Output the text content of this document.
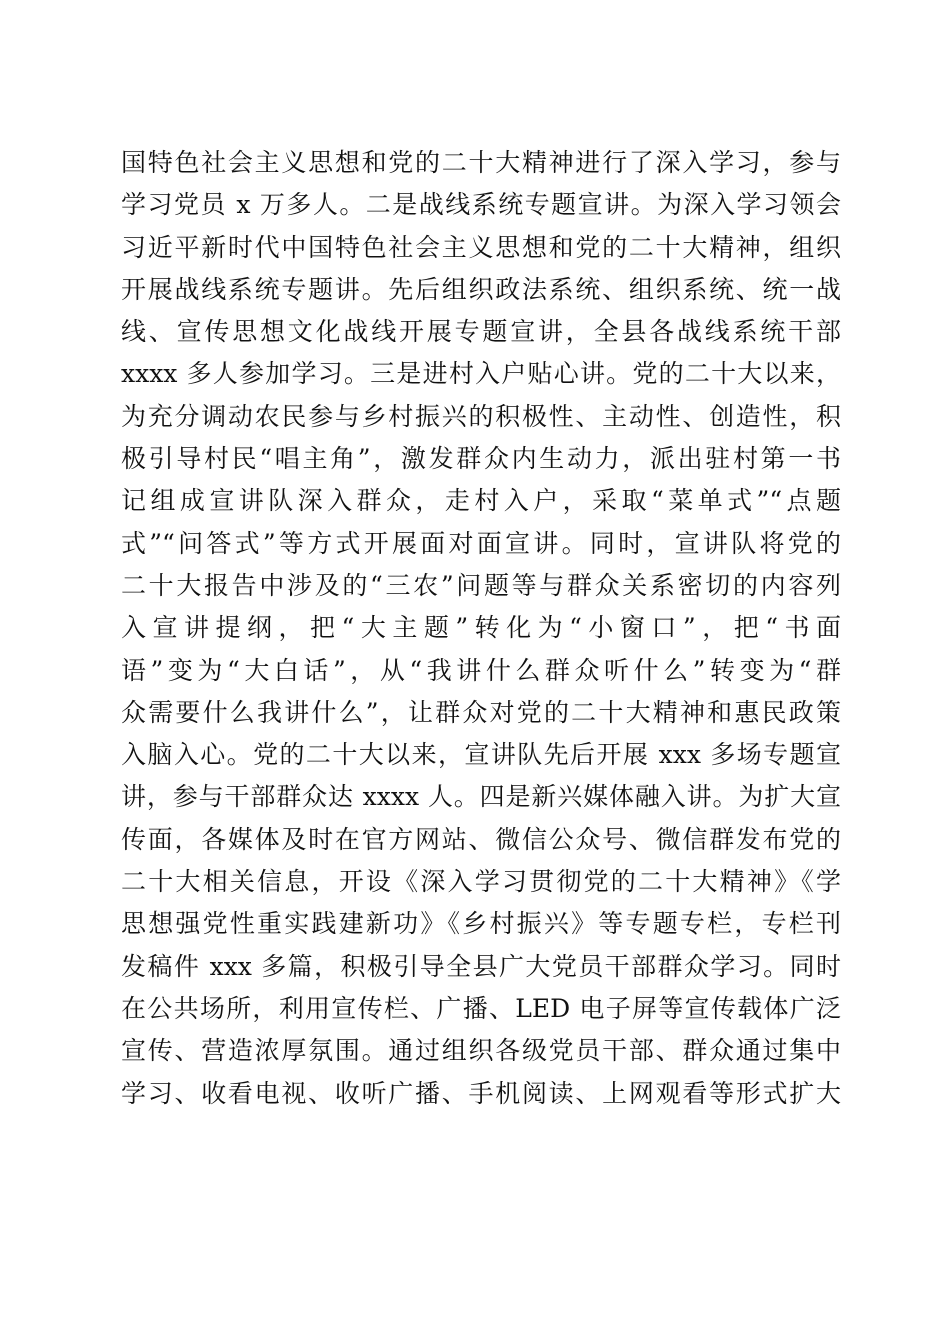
国特色社会主义思想和党的二十大精神进行了深入学习，参与
学习党员 x 万多人。二是战线系统专题宣讲。为深入学习领会
习近平新时代中国特色社会主义思想和党的二十大精神，组织
开展战线系统专题讲。先后组织政法系统、组织系统、统一战
线、宣传思想文化战线开展专题宣讲，全县各战线系统干部
xxxx 多人参加学习。三是进村入户贴心讲。党的二十大以来，
为充分调动农民参与乡村振兴的积极性、主动性、创造性，积
极引导村民“唱主角”，激发群众内生动力，派出驻村第一书
记组成宣讲队深入群众，走村入户，采取“菜单式”“点题
式”“问答式”等方式开展面对面宣讲。同时，宣讲队将党的
二十大报告中涉及的“三农”问题等与群众关系密切的内容列
入宣讲提纲，把“大主题”转化为“小窗口”，把“书面
语”变为“大白话”，从“我讲什么群众听什么”转变为“群
众需要什么我讲什么”，让群众对党的二十大精神和惠民政策
入脑入心。党的二十大以来，宣讲队先后开展 xxx 多场专题宣
讲，参与干部群众达 xxxx 人。四是新兴媒体融入讲。为扩大宣
传面，各媒体及时在官方网站、微信公众号、微信群发布党的
二十大相关信息，开设《深入学习贯彻党的二十大精神》《学
思想强党性重实践建新功》《乡村振兴》等专题专栏，专栏刊
发稿件 xxx 多篇，积极引导全县广大党员干部群众学习。同时
在公共场所，利用宣传栏、广播、LED 电子屏等宣传载体广泛
宣传、营造浓厚氛围。通过组织各级党员干部、群众通过集中
学习、收看电视、收听广播、手机阅读、上网观看等形式扩大
